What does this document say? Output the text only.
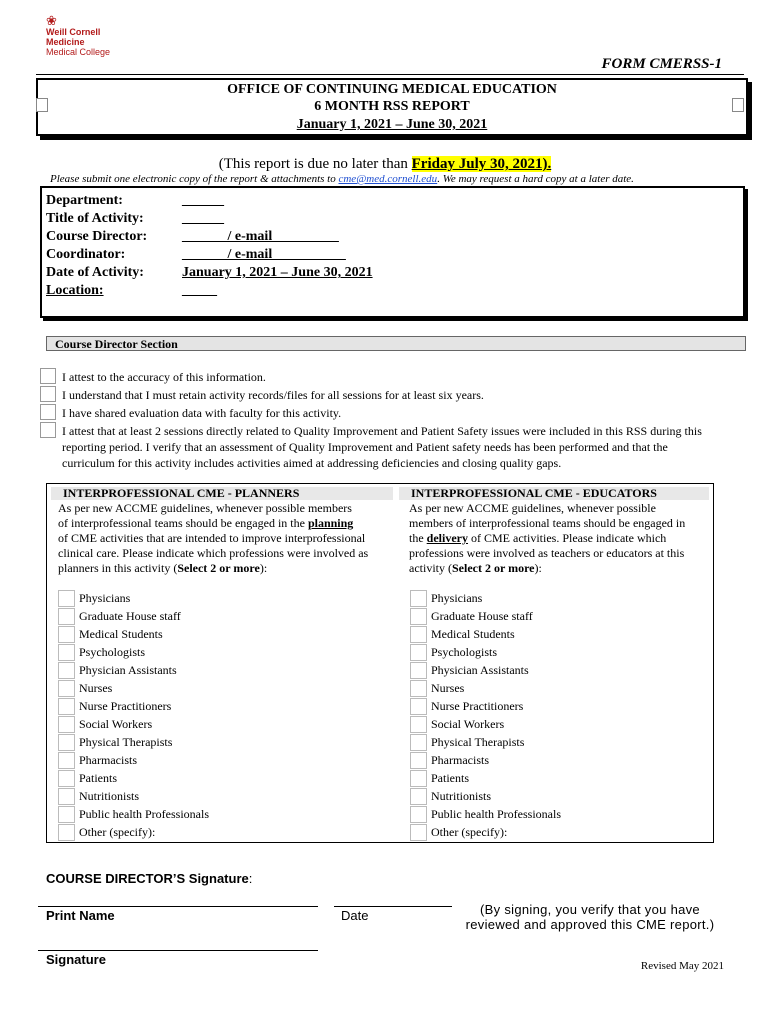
❀
Weill Cornell
Medicine
Medical College
FORM CMERSS-1
OFFICE OF CONTINUING MEDICAL EDUCATION
6 MONTH RSS REPORT
January 1, 2021 – June 30, 2021
(This report is due no later than Friday July 30, 2021).
Please submit one electronic copy of the report & attachments to cme@med.cornell.edu. We may request a hard copy at a later date.
Department:	______
Title of Activity:	______
Course Director: ______ / e-mail _________
Coordinator:	______ / e-mail __________
Date of Activity:	January 1, 2021 – June 30, 2021
Location:	_____
Course Director Section
I attest to the accuracy of this information.
I understand that I must retain activity records/files for all sessions for at least six years.
I have shared evaluation data with faculty for this activity.
I attest that at least 2 sessions directly related to Quality Improvement and Patient Safety issues were included in this RSS during this reporting period. I verify that an assessment of Quality Improvement and Patient safety needs has been performed and that the curriculum for this activity includes activities aimed at addressing deficiencies and closing quality gaps.
INTERPROFESSIONAL CME - PLANNERS
As per new ACCME guidelines, whenever possible members
of interprofessional teams should be engaged in the planning
of CME activities that are intended to improve interprofessional
clinical care. Please indicate which professions were involved as
planners in this activity (Select 2 or more):
INTERPROFESSIONAL CME - EDUCATORS
As per new ACCME guidelines, whenever possible
members of interprofessional teams should be engaged in
the delivery of CME activities. Please indicate which
professions were involved as teachers or educators at this
activity (Select 2 or more):
Physicians
Graduate House staff
Medical Students
Psychologists
Physician Assistants
Nurses
Nurse Practitioners
Social Workers
Physical Therapists
Pharmacists
Patients
Nutritionists
Public health Professionals
Other (specify):
Physicians
Graduate House staff
Medical Students
Psychologists
Physician Assistants
Nurses
Nurse Practitioners
Social Workers
Physical Therapists
Pharmacists
Patients
Nutritionists
Public health Professionals
Other (specify):
COURSE DIRECTOR’S Signature:
Print Name	Date	(By signing, you verify that you have reviewed and approved this CME report.)
Signature	Revised May 2021
